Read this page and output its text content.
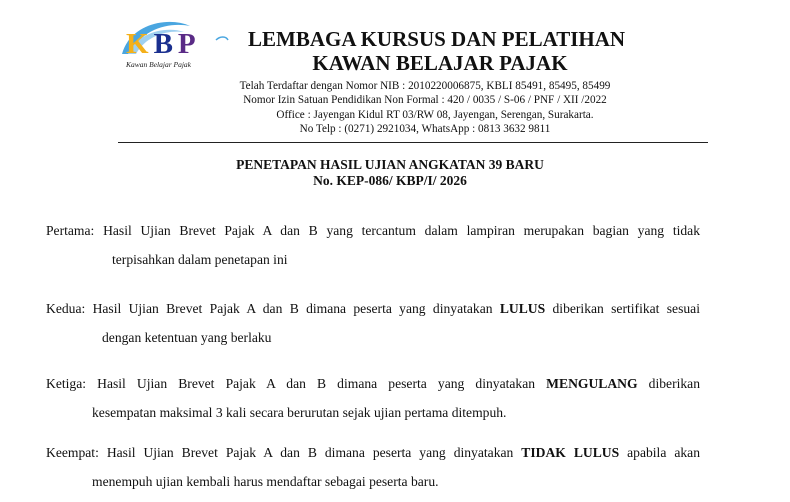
KBP
Kawan Belajar Pajak
LEMBAGA KURSUS DAN PELATIHAN
KAWAN BELAJAR PAJAK
Telah Terdaftar dengan Nomor NIB : 2010220006875, KBLI 85491, 85495, 85499
Nomor Izin Satuan Pendidikan Non Formal : 420 / 0035 / S-06 / PNF / XII /2022
Office : Jayengan Kidul RT 03/RW 08, Jayengan, Serengan, Surakarta.
No Telp : (0271) 2921034, WhatsApp : 0813 3632 9811
PENETAPAN HASIL UJIAN ANGKATAN 39 BARU
No. KEP-086/ KBP/I/ 2026

Pertama: Hasil Ujian Brevet Pajak A dan B yang tercantum dalam lampiran merupakan bagian yang tidak

terpisahkan dalam penetapan ini

Kedua: Hasil Ujian Brevet Pajak A dan B dimana peserta yang dinyatakan LULUS diberikan sertifikat sesuai

dengan ketentuan yang berlaku

Ketiga: Hasil Ujian Brevet Pajak A dan B dimana peserta yang dinyatakan MENGULANG diberikan

kesempatan maksimal 3 kali secara berurutan sejak ujian pertama ditempuh.

Keempat: Hasil Ujian Brevet Pajak A dan B dimana peserta yang dinyatakan TIDAK LULUS apabila akan

menempuh ujian kembali harus mendaftar sebagai peserta baru.
